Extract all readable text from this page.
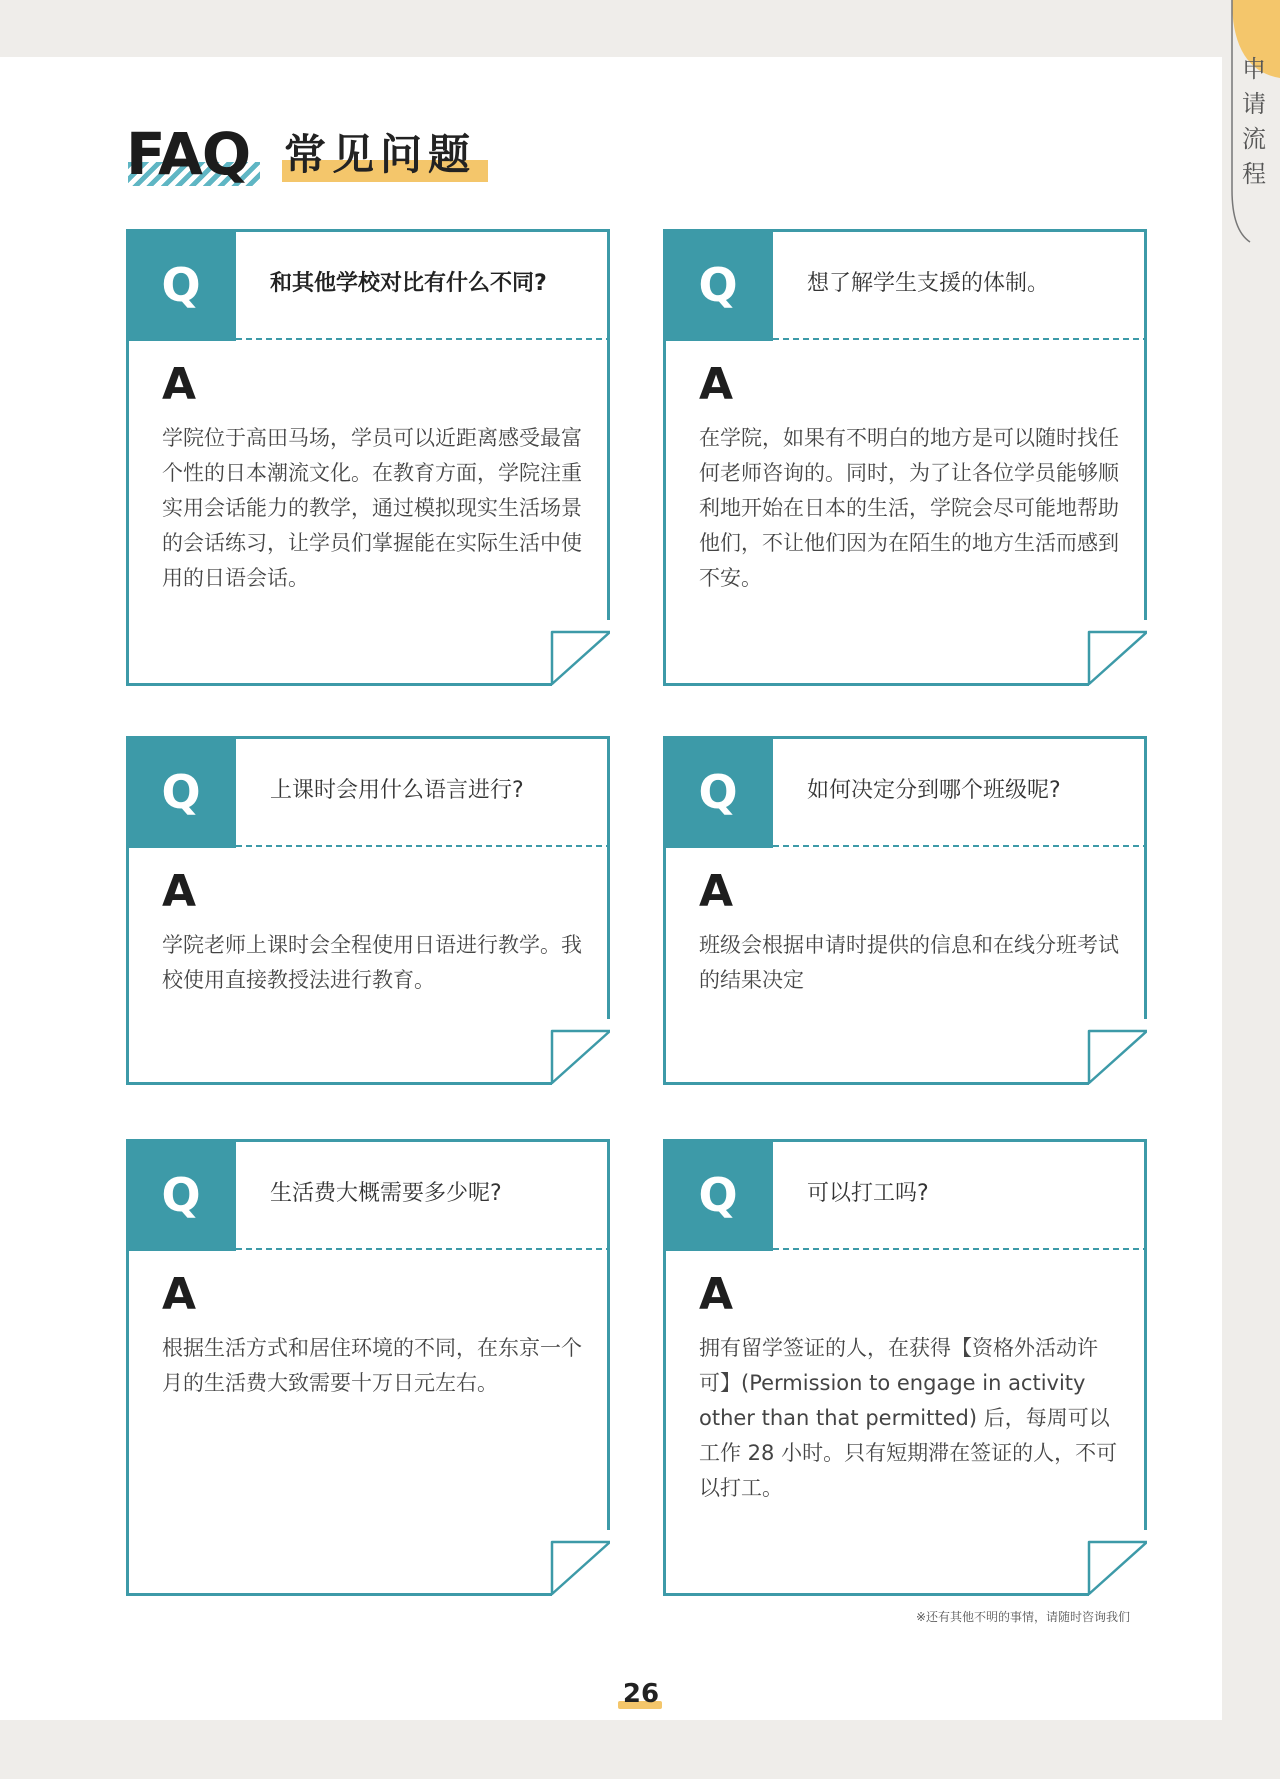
申请流程
FAQ 常见问题
Q	和其他学校对比有什么不同?
A
学院位于高田马场，学员可以近距离感受最富个性的日本潮流文化。在教育方面，学院注重实用会话能力的教学，通过模拟现实生活场景的会话练习，让学员们掌握能在实际生活中使用的日语会话。
Q	想了解学生支援的体制。
A
在学院，如果有不明白的地方是可以随时找任何老师咨询的。同时，为了让各位学员能够顺利地开始在日本的生活，学院会尽可能地帮助他们，不让他们因为在陌生的地方生活而感到不安。
Q	上课时会用什么语言进行?
A
学院老师上课时会全程使用日语进行教学。我校使用直接教授法进行教育。
Q	如何决定分到哪个班级呢?
A
班级会根据申请时提供的信息和在线分班考试的结果决定
Q	生活费大概需要多少呢?
A
根据生活方式和居住环境的不同，在东京一个月的生活费大致需要十万日元左右。
Q	可以打工吗?
A
拥有留学签证的人，在获得【资格外活动许可】(Permission to engage in activity other than that permitted) 后，每周可以工作 28 小时。只有短期滞在签证的人，不可以打工。
※还有其他不明的事情，请随时咨询我们
26
